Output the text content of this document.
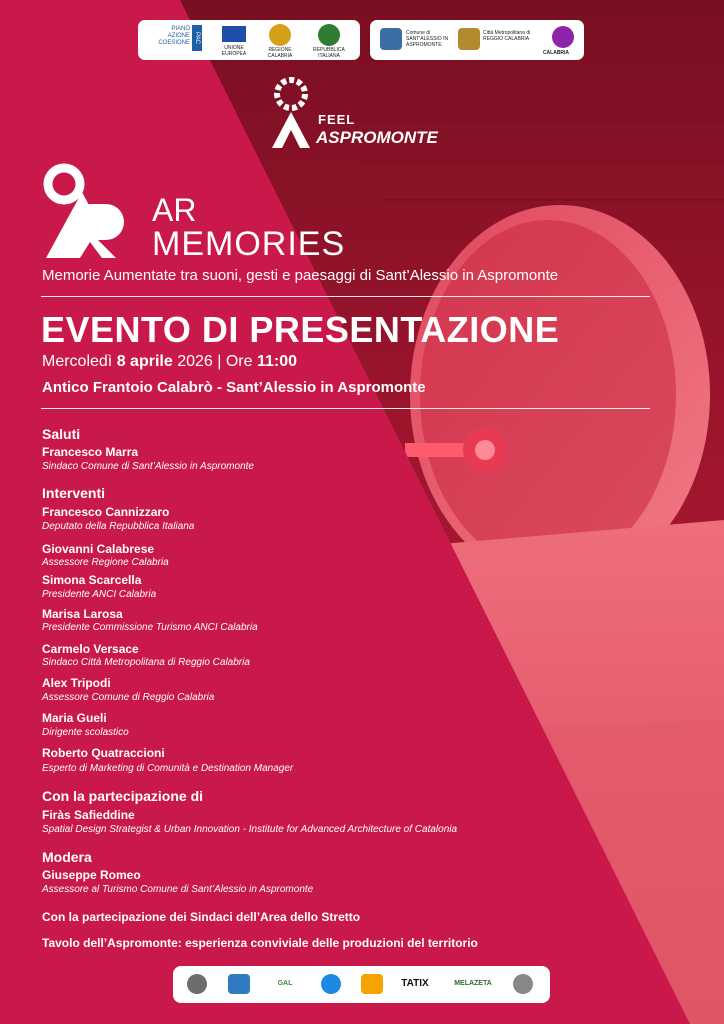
PIANO AZIONE COESIONE PAC
UNIONE EUROPEA
REGIONE CALABRIA
REPUBBLICA ITALIANA
Comune di SANT'ALESSIO IN ASPROMONTE
Città Metropolitana di REGGIO CALABRIA
CALABRIA
FEEL
ASPROMONTE
AR
MEMORIES
Memorie Aumentate tra suoni, gesti e paesaggi di Sant’Alessio in Aspromonte
EVENTO DI PRESENTAZIONE
Mercoledì 8 aprile 2026 | Ore 11:00
Antico Frantoio Calabrò - Sant’Alessio in Aspromonte
Saluti
Francesco Marra
Sindaco Comune di Sant’Alessio in Aspromonte
Interventi
Francesco Cannizzaro
Deputato della Repubblica Italiana
Giovanni Calabrese
Assessore Regione Calabria
Simona Scarcella
Presidente ANCI Calabria
Marisa Larosa
Presidente Commissione Turismo ANCI Calabria
Carmelo Versace
Sindaco Città Metropolitana di Reggio Calabria
Alex Tripodi
Assessore Comune di Reggio Calabria
Maria Gueli
Dirigente scolastico
Roberto Quatraccioni
Esperto di Marketing di Comunità e Destination Manager
Con la partecipazione di
Firàs Safieddine
Spatial Design Strategist & Urban Innovation - Institute for Advanced Architecture of Catalonia
Modera
Giuseppe Romeo
Assessore al Turismo Comune di Sant’Alessio in Aspromonte
Con la partecipazione dei Sindaci dell’Area dello Stretto
Tavolo dell’Aspromonte: esperienza conviviale delle produzioni del territorio
GAL	TATIX	MELAZETA
